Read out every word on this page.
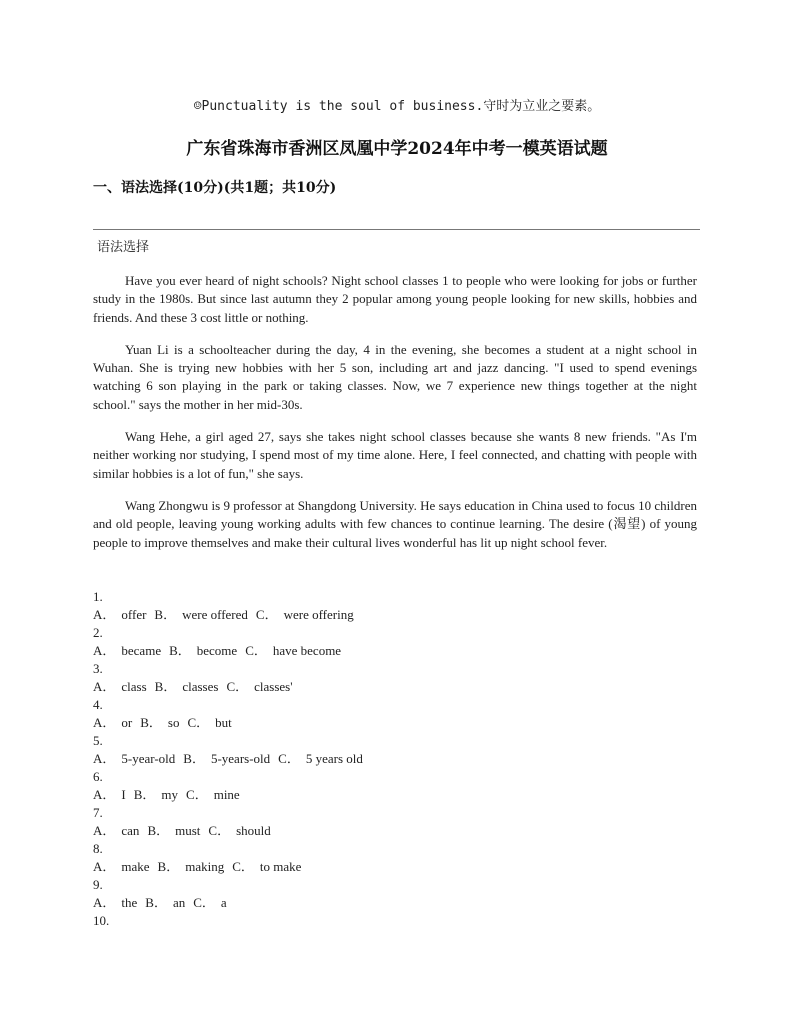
☺Punctuality is the soul of business.守时为立业之要素。
广东省珠海市香洲区凤凰中学2024年中考一模英语试题
一、语法选择(10分)(共1题；共10分)
语法选择

Have you ever heard of night schools? Night school classes 1 to people who were looking for jobs or further study in the 1980s. But since last autumn they 2 popular among young people looking for new skills, hobbies and friends. And these 3 cost little or nothing.

Yuan Li is a schoolteacher during the day, 4 in the evening, she becomes a student at a night school in Wuhan. She is trying new hobbies with her 5 son, including art and jazz dancing. "I used to spend evenings watching 6 son playing in the park or taking classes. Now, we 7 experience new things together at the night school." says the mother in her mid-30s.

Wang Hehe, a girl aged 27, says she takes night school classes because she wants 8 new friends. "As I'm neither working nor studying, I spend most of my time alone. Here, I feel connected, and chatting with people with similar hobbies is a lot of fun," she says.

Wang Zhongwu is 9 professor at Shangdong University. He says education in China used to focus 10 children and old people, leaving young working adults with few chances to continue learning. The desire (渴望) of young people to improve themselves and make their cultural lives wonderful has lit up night school fever.

1.
A． offer B． were offered C． were offering
2.
A． became B． become C． have become
3.
A． class B． classes C． classes'
4.
A． or B． so C． but
5.
A． 5-year-old B． 5-years-old C． 5 years old
6.
A． I B． my C． mine
7.
A． can B． must C． should
8.
A． make B． making C． to make
9.
A． the B． an C． a
10.
